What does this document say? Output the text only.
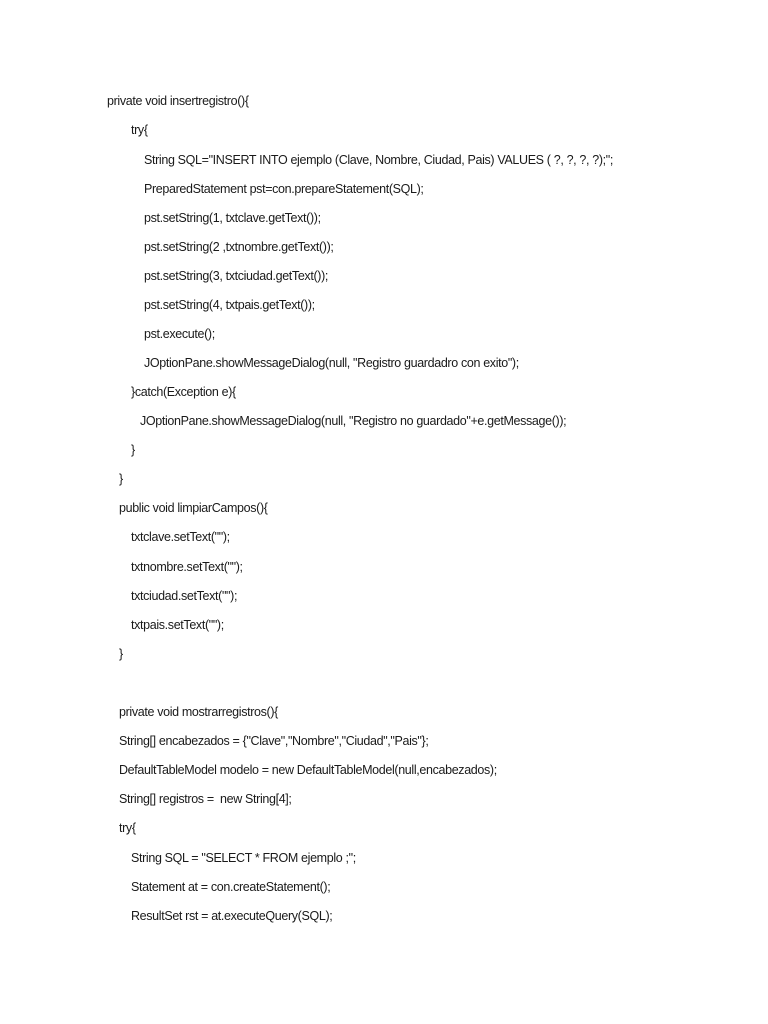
private void insertregistro(){
try{
String SQL="INSERT INTO ejemplo (Clave, Nombre, Ciudad, Pais) VALUES ( ?, ?, ?, ?);";
PreparedStatement pst=con.prepareStatement(SQL);
pst.setString(1, txtclave.getText());
pst.setString(2 ,txtnombre.getText());
pst.setString(3, txtciudad.getText());
pst.setString(4, txtpais.getText());
pst.execute();
JOptionPane.showMessageDialog(null, "Registro guardadro con exito");
}catch(Exception e){
JOptionPane.showMessageDialog(null, "Registro no guardado"+e.getMessage());
}
}
public void limpiarCampos(){
txtclave.setText("");
txtnombre.setText("");
txtciudad.setText("");
txtpais.setText("");
}
private void mostrarregistros(){
String[] encabezados = {"Clave","Nombre","Ciudad","Pais"};
DefaultTableModel modelo = new DefaultTableModel(null,encabezados);
String[] registros =  new String[4];
try{
String SQL = "SELECT * FROM ejemplo ;";
Statement at = con.createStatement();
ResultSet rst = at.executeQuery(SQL);
